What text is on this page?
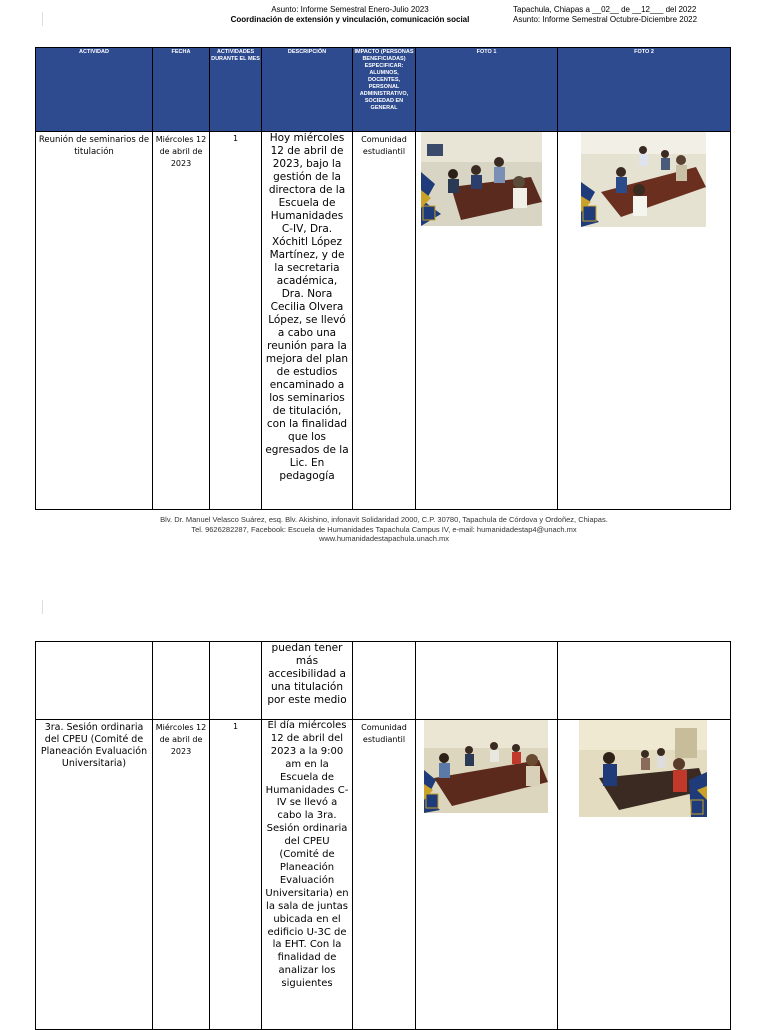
Asunto: Informe Semestral Enero-Julio 2023
Coordinación de extensión y vinculación, comunicación social
Tapachula, Chiapas a __02__ de __12___ del 2022
Asunto: Informe Semestral Octubre-Diciembre 2022
ACTIVIDAD	FECHA	ACTIVIDADES DURANTE EL MES	DESCRIPCIÓN	IMPACTO (PERSONAS BENEFICIADAS) ESPECIFICAR: ALUMNOS, DOCENTES, PERSONAL ADMINISTRATIVO, SOCIEDAD EN GENERAL	FOTO 1	FOTO 2
Reunión de seminarios de titulación	Miércoles 12 de abril de 2023	1	Hoy miércoles 12 de abril de 2023, bajo la gestión de la directora de la Escuela de Humanidades C-IV, Dra. Xóchitl López Martínez, y de la secretaria académica, Dra. Nora Cecilia Olvera López, se llevó a cabo una reunión para la mejora del plan de estudios encaminado a los seminarios de titulación, con la finalidad que los egresados de la Lic. En pedagogía	Comunidad estudiantil	

Blv. Dr. Manuel Velasco Suárez, esq. Blv. Akishino, infonavit Solidaridad 2000, C.P. 30780, Tapachula de Córdova y Ordoñez, Chiapas.
Tel. 9626282287, Facebook: Escuela de Humanidades Tapachula Campus IV, e-mail: humanidadestap4@unach.mx
www.humanidadestapachula.unach.mx
			puedan tener más accesibilidad a una titulación por este medio			
3ra. Sesión ordinaria del CPEU (Comité de Planeación Evaluación Universitaria)	Miércoles 12 de abril de 2023	1	El día miércoles 12 de abril del 2023 a la 9:00 am en la Escuela de Humanidades C-IV se llevó a cabo la 3ra. Sesión ordinaria del CPEU (Comité de Planeación Evaluación Universitaria) en la sala de juntas ubicada en el edificio U-3C de la EHT. Con la finalidad de analizar los siguientes	Comunidad estudiantil	
